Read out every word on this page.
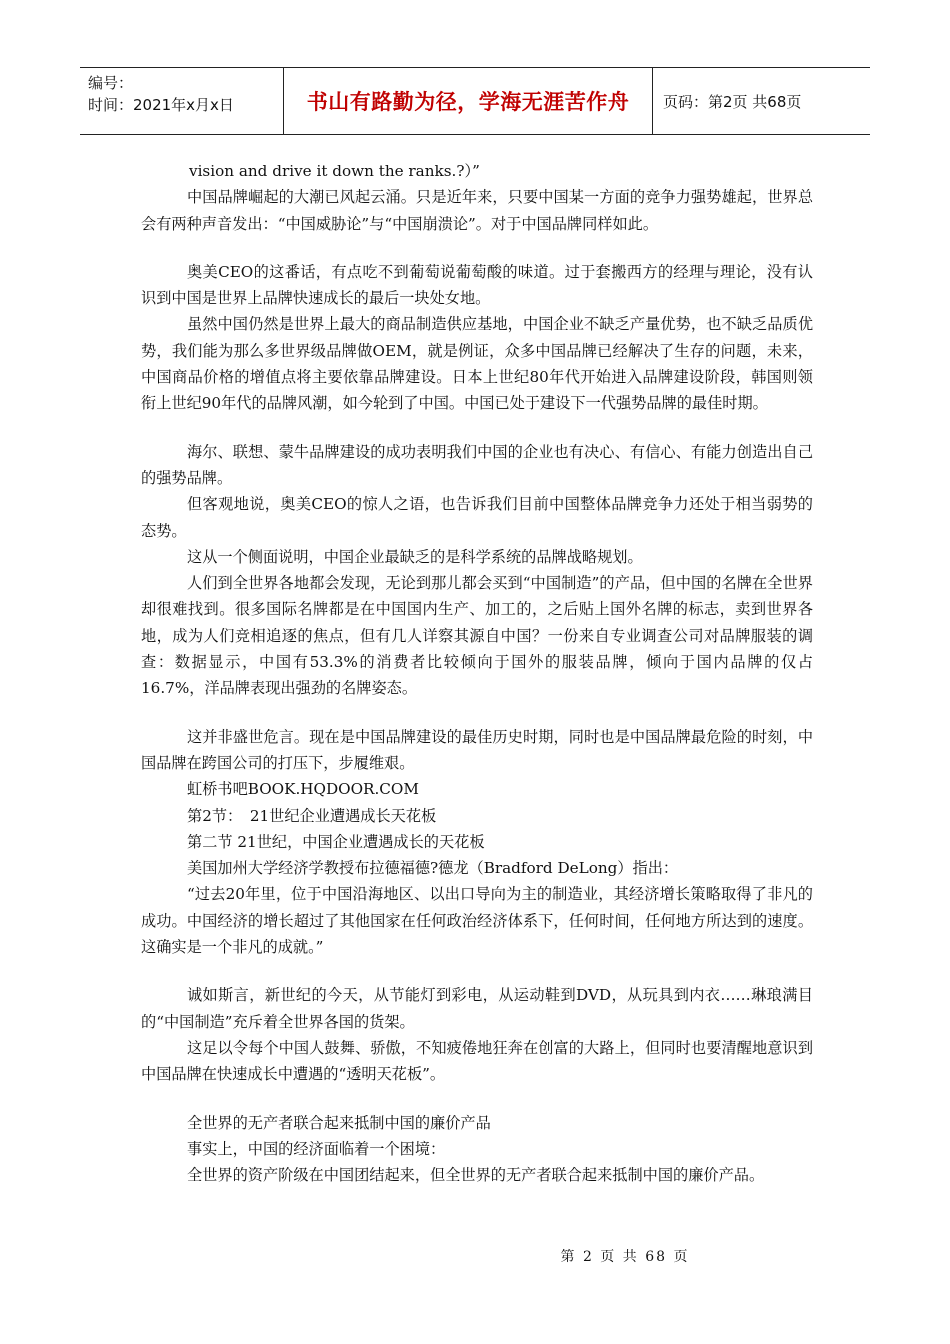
编号：
时间：2021年x月x日	书山有路勤为径，学海无涯苦作舟	页码：第2页 共68页

vision and drive it down the ranks.?）”

中国品牌崛起的大潮已风起云涌。只是近年来，只要中国某一方面的竞争力强势雄起，世界总会有两种声音发出：“中国威胁论”与“中国崩溃论”。对于中国品牌同样如此。

奥美CEO的这番话，有点吃不到葡萄说葡萄酸的味道。过于套搬西方的经理与理论，没有认识到中国是世界上品牌快速成长的最后一块处女地。

虽然中国仍然是世界上最大的商品制造供应基地，中国企业不缺乏产量优势，也不缺乏品质优势，我们能为那么多世界级品牌做OEM，就是例证，众多中国品牌已经解决了生存的问题，未来，中国商品价格的增值点将主要依靠品牌建设。日本上世纪80年代开始进入品牌建设阶段，韩国则领衔上世纪90年代的品牌风潮，如今轮到了中国。中国已处于建设下一代强势品牌的最佳时期。

海尔、联想、蒙牛品牌建设的成功表明我们中国的企业也有决心、有信心、有能力创造出自己的强势品牌。

但客观地说，奥美CEO的惊人之语，也告诉我们目前中国整体品牌竞争力还处于相当弱势的态势。

这从一个侧面说明，中国企业最缺乏的是科学系统的品牌战略规划。

人们到全世界各地都会发现，无论到那儿都会买到“中国制造”的产品，但中国的名牌在全世界却很难找到。很多国际名牌都是在中国国内生产、加工的，之后贴上国外名牌的标志，卖到世界各地，成为人们竞相追逐的焦点，但有几人详察其源自中国？一份来自专业调查公司对品牌服装的调查：数据显示，中国有53.3%的消费者比较倾向于国外的服装品牌，倾向于国内品牌的仅占16.7%，洋品牌表现出强劲的名牌姿态。

这并非盛世危言。现在是中国品牌建设的最佳历史时期，同时也是中国品牌最危险的时刻，中国品牌在跨国公司的打压下，步履维艰。

虹桥书吧BOOK.HQDOOR.COM

第2节：　21世纪企业遭遇成长天花板

第二节 21世纪，中国企业遭遇成长的天花板

美国加州大学经济学教授布拉德福德?德龙（Bradford DeLong）指出：

“过去20年里，位于中国沿海地区、以出口导向为主的制造业，其经济增长策略取得了非凡的成功。中国经济的增长超过了其他国家在任何政治经济体系下，任何时间，任何地方所达到的速度。这确实是一个非凡的成就。”

诚如斯言，新世纪的今天，从节能灯到彩电，从运动鞋到DVD，从玩具到内衣……琳琅满目的“中国制造”充斥着全世界各国的货架。

这足以令每个中国人鼓舞、骄傲，不知疲倦地狂奔在创富的大路上，但同时也要清醒地意识到中国品牌在快速成长中遭遇的“透明天花板”。

全世界的无产者联合起来抵制中国的廉价产品

事实上，中国的经济面临着一个困境：

全世界的资产阶级在中国团结起来，但全世界的无产者联合起来抵制中国的廉价产品。

第 2 页 共 68 页
